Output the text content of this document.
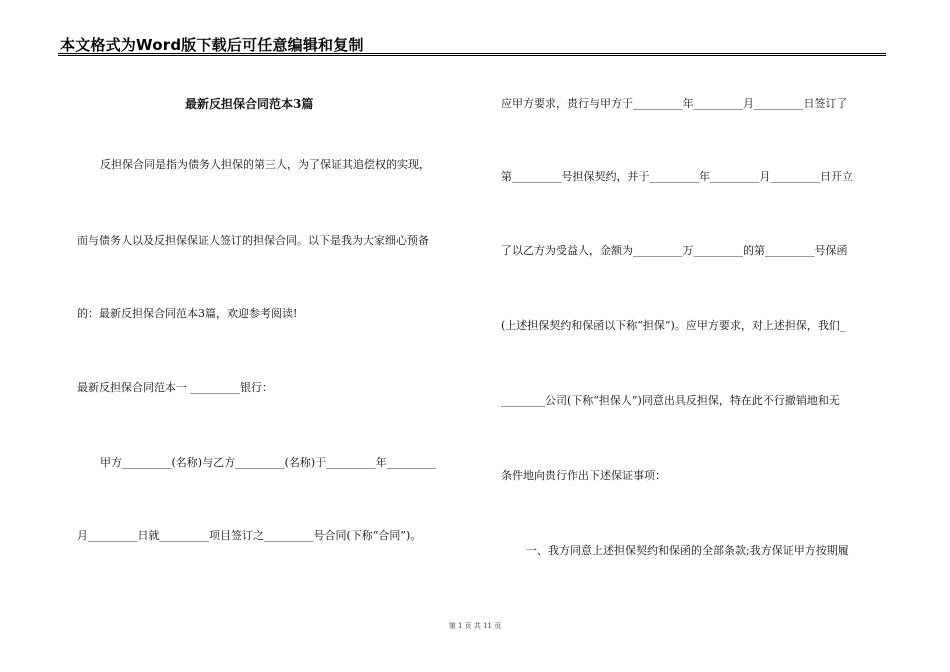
本文格式为Word版下载后可任意编辑和复制
最新反担保合同范本3篇
反担保合同是指为债务人担保的第三人，为了保证其追偿权的实现，
而与债务人以及反担保保证人签订的担保合同。以下是我为大家细心预备
的：最新反担保合同范本3篇，欢迎参考阅读!
最新反担保合同范本一 _________银行：
甲方_________(名称)与乙方_________(名称)于_________年_________
月_________日就_________项目签订之_________号合同(下称“合同”)。
应甲方要求，贵行与甲方于_________年_________月_________日签订了
第_________号担保契约，并于_________年_________月_________日开立
了以乙方为受益人，金额为_________万_________的第_________号保函
(上述担保契约和保函以下称“担保”)。应甲方要求，对上述担保，我们_
________公司(下称“担保人”)同意出具反担保，特在此不行撤销地和无
条件地向贵行作出下述保证事项：
一、我方同意上述担保契约和保函的全部条款;我方保证甲方按期履
第 1 页 共 11 页
